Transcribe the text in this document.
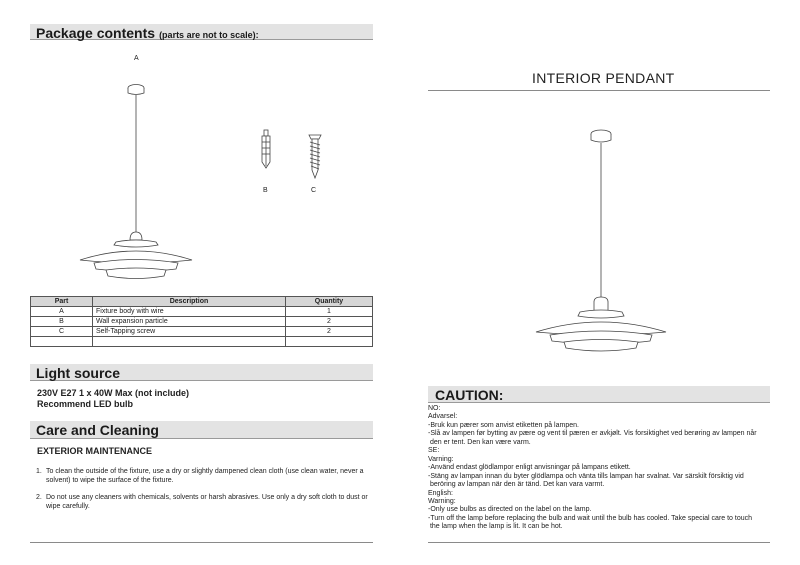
Package contents (parts are not to scale):
A
B	C
Part	Description	Quantity
A	Fixture body with wire	1
B	Wall expansion particle	2
C	Self-Tapping screw	2

Light source
230V E27 1 x 40W Max (not include)
Recommend LED bulb
Care and Cleaning
EXTERIOR MAINTENANCE
1. To clean the outside of the fixture, use a dry or slightly dampened clean cloth (use clean water, never a solvent) to wipe the surface of the fixture.
2. Do not use any cleaners with chemicals, solvents or harsh abrasives. Use only a dry soft cloth to dust or wipe carefully.
INTERIOR PENDANT
CAUTION:
NO:
Advarsel:
-Bruk kun pærer som anvist etiketten på lampen.
-Slå av lampen før bytting av pære og vent til pæren er avkjølt. Vis forsiktighet ved berøring av lampen når
den er tent. Den kan være varm.
SE:
Varning:
-Använd endast glödlampor enligt anvisningar på lampans etikett.
-Stäng av lampan innan du byter glödlampa och vänta tills lampan har svalnat. Var särskilt försiktig vid
beröring av lampan när den är tänd. Det kan vara varmt.
English:
Warning:
-Only use bulbs as directed on the label on the lamp.
-Turn off the lamp before replacing the bulb and wait until the bulb has cooled. Take special care to touch
the lamp when the lamp is lit. It can be hot.
